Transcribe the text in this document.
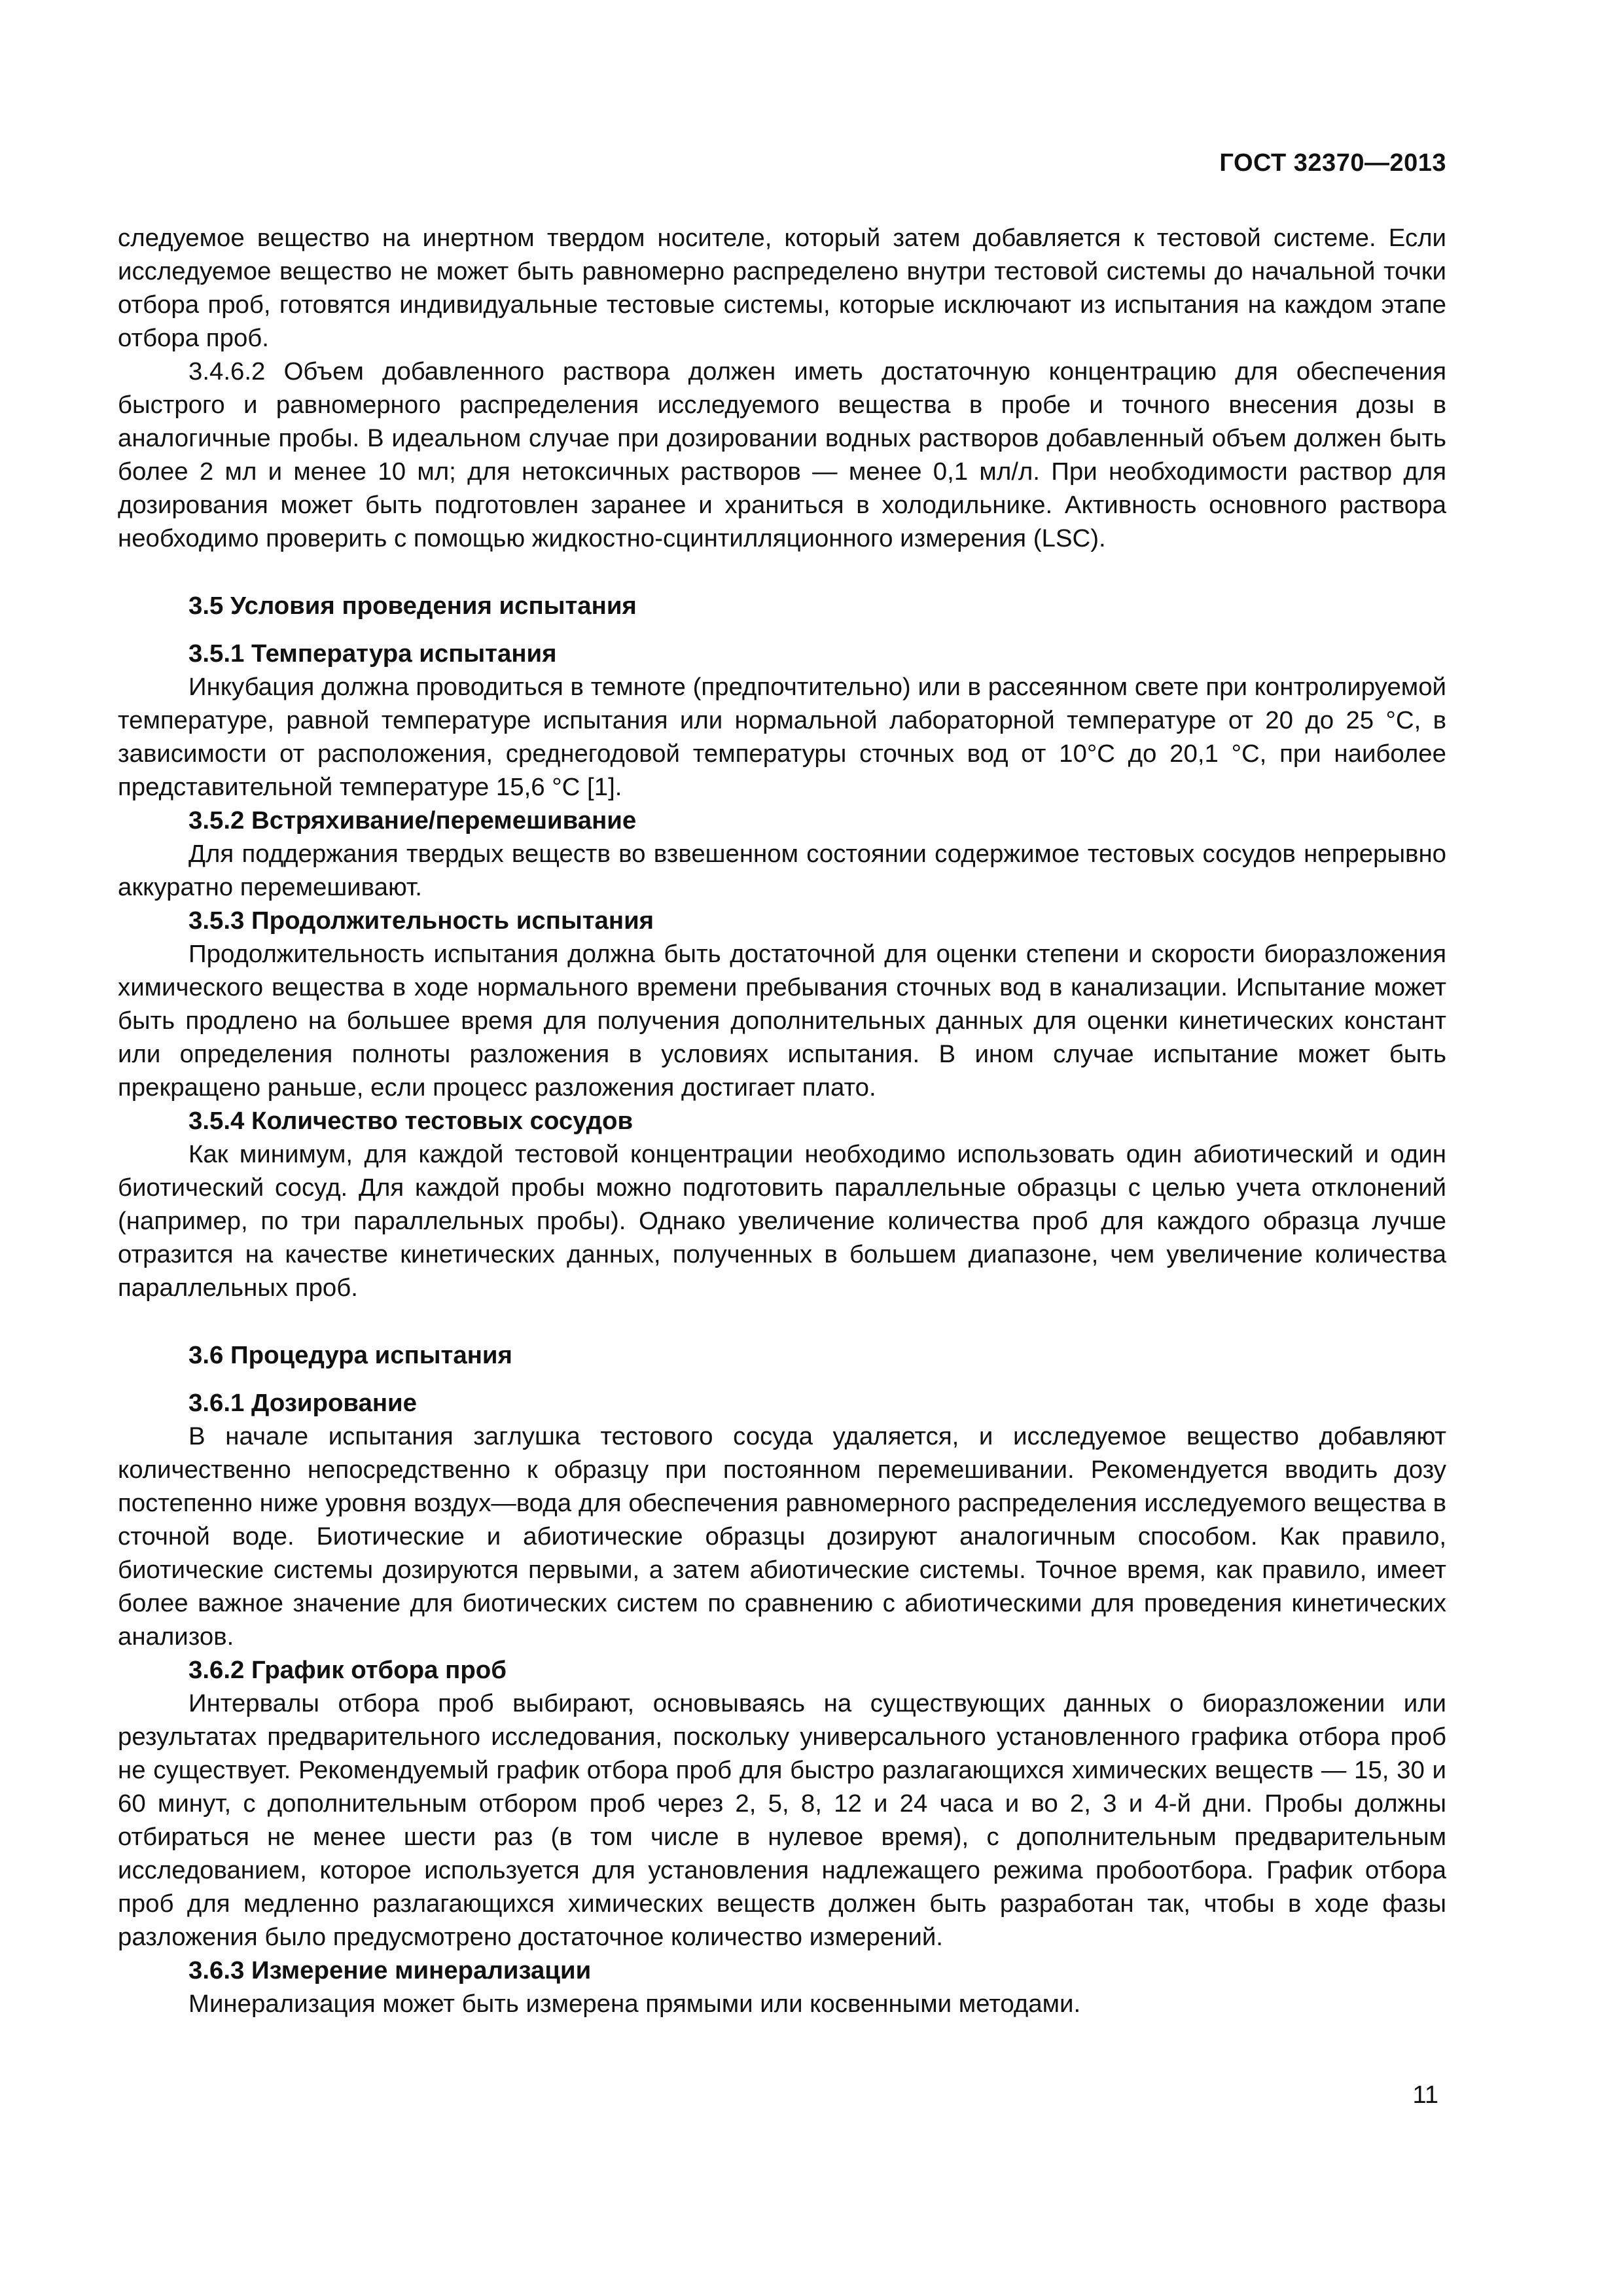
ГОСТ 32370—2013

следуемое вещество на инертном твердом носителе, который затем добавляется к тестовой системе. Если исследуемое вещество не может быть равномерно распределено внутри тестовой системы до начальной точки отбора проб, готовятся индивидуальные тестовые системы, которые исключают из испытания на каждом этапе отбора проб.

3.4.6.2 Объем добавленного раствора должен иметь достаточную концентрацию для обеспечения быстрого и равномерного распределения исследуемого вещества в пробе и точного внесения дозы в аналогичные пробы. В идеальном случае при дозировании водных растворов добавленный объем должен быть более 2 мл и менее 10 мл; для нетоксичных растворов — менее 0,1 мл/л. При необходимости раствор для дозирования может быть подготовлен заранее и храниться в холодильнике. Активность основного раствора необходимо проверить с помощью жидкостно-сцинтилляционного измерения (LSC).

3.5 Условия проведения испытания

3.5.1 Температура испытания

Инкубация должна проводиться в темноте (предпочтительно) или в рассеянном свете при контролируемой температуре, равной температуре испытания или нормальной лабораторной температуре от 20 до 25 °С, в зависимости от расположения, среднегодовой температуры сточных вод от 10°С до 20,1 °С, при наиболее представительной температуре 15,6 °С [1].

3.5.2 Встряхивание/перемешивание

Для поддержания твердых веществ во взвешенном состоянии содержимое тестовых сосудов непрерывно аккуратно перемешивают.

3.5.3 Продолжительность испытания

Продолжительность испытания должна быть достаточной для оценки степени и скорости биоразложения химического вещества в ходе нормального времени пребывания сточных вод в канализации. Испытание может быть продлено на большее время для получения дополнительных данных для оценки кинетических констант или определения полноты разложения в условиях испытания. В ином случае испытание может быть прекращено раньше, если процесс разложения достигает плато.

3.5.4 Количество тестовых сосудов

Как минимум, для каждой тестовой концентрации необходимо использовать один абиотический и один биотический сосуд. Для каждой пробы можно подготовить параллельные образцы с целью учета отклонений (например, по три параллельных пробы). Однако увеличение количества проб для каждого образца лучше отразится на качестве кинетических данных, полученных в большем диапазоне, чем увеличение количества параллельных проб.

3.6 Процедура испытания

3.6.1 Дозирование

В начале испытания заглушка тестового сосуда удаляется, и исследуемое вещество добавляют количественно непосредственно к образцу при постоянном перемешивании. Рекомендуется вводить дозу постепенно ниже уровня воздух—вода для обеспечения равномерного распределения исследуемого вещества в сточной воде. Биотические и абиотические образцы дозируют аналогичным способом. Как правило, биотические системы дозируются первыми, а затем абиотические системы. Точное время, как правило, имеет более важное значение для биотических систем по сравнению с абиотическими для проведения кинетических анализов.

3.6.2 График отбора проб

Интервалы отбора проб выбирают, основываясь на существующих данных о биоразложении или результатах предварительного исследования, поскольку универсального установленного графика отбора проб не существует. Рекомендуемый график отбора проб для быстро разлагающихся химических веществ — 15, 30 и 60 минут, с дополнительным отбором проб через 2, 5, 8, 12 и 24 часа и во 2, 3 и 4-й дни. Пробы должны отбираться не менее шести раз (в том числе в нулевое время), с дополнительным предварительным исследованием, которое используется для установления надлежащего режима пробоотбора. График отбора проб для медленно разлагающихся химических веществ должен быть разработан так, чтобы в ходе фазы разложения было предусмотрено достаточное количество измерений.

3.6.3 Измерение минерализации

Минерализация может быть измерена прямыми или косвенными методами.

11
